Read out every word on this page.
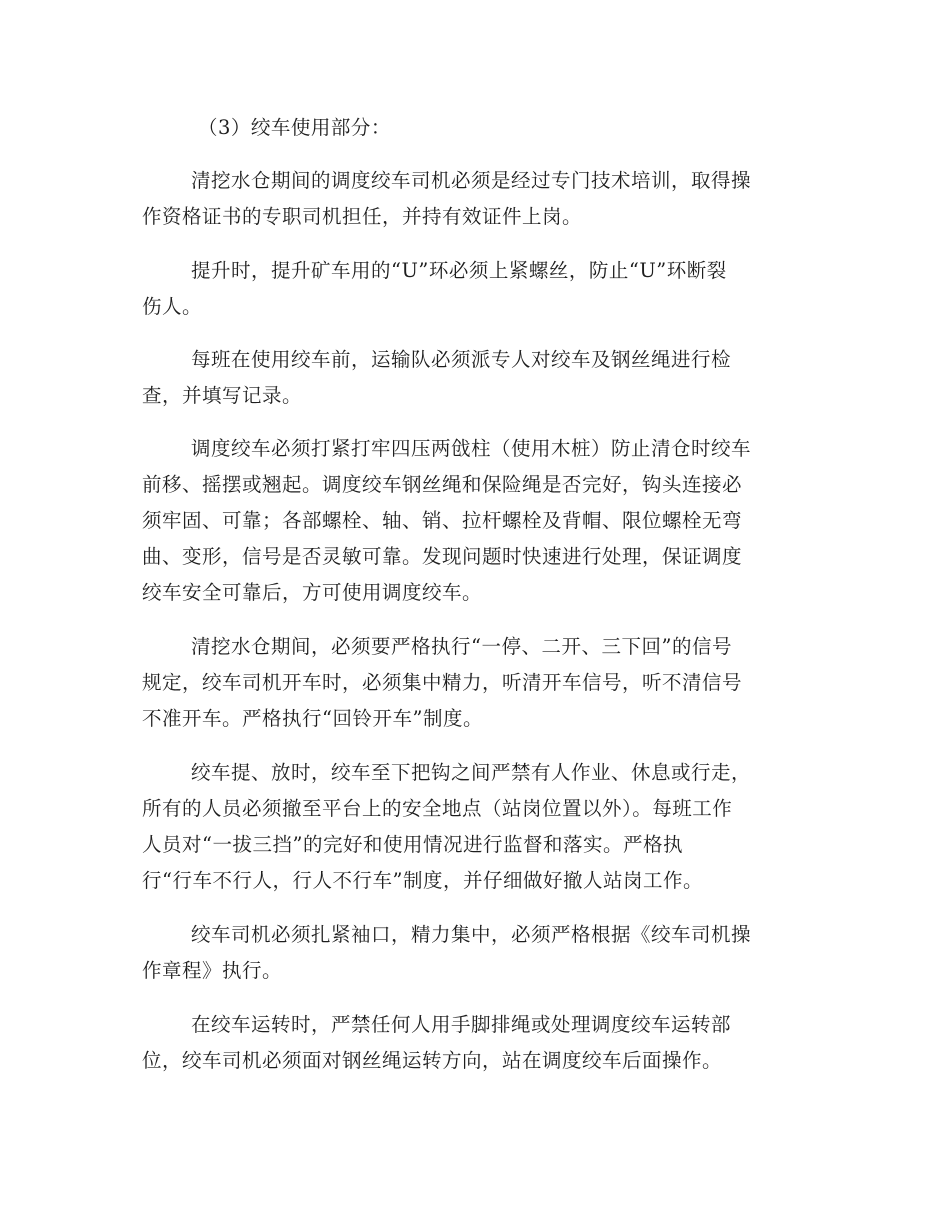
（3）绞车使用部分：

清挖水仓期间的调度绞车司机必须是经过专门技术培训，取得操

作资格证书的专职司机担任，并持有效证件上岗。

提升时，提升矿车用的“U”环必须上紧螺丝，防止“U”环断裂

伤人。

每班在使用绞车前，运输队必须派专人对绞车及钢丝绳进行检

查，并填写记录。

调度绞车必须打紧打牢四压两戗柱（使用木桩）防止清仓时绞车

前移、摇摆或翘起。调度绞车钢丝绳和保险绳是否完好，钩头连接必

须牢固、可靠；各部螺栓、轴、销、拉杆螺栓及背帽、限位螺栓无弯

曲、变形，信号是否灵敏可靠。发现问题时快速进行处理，保证调度

绞车安全可靠后，方可使用调度绞车。

清挖水仓期间，必须要严格执行“一停、二开、三下回”的信号

规定，绞车司机开车时，必须集中精力，听清开车信号，听不清信号

不准开车。严格执行“回铃开车”制度。

绞车提、放时，绞车至下把钩之间严禁有人作业、休息或行走，

所有的人员必须撤至平台上的安全地点（站岗位置以外）。每班工作

人员对“一拔三挡”的完好和使用情况进行监督和落实。严格执

行“行车不行人，行人不行车”制度，并仔细做好撤人站岗工作。

绞车司机必须扎紧袖口，精力集中，必须严格根据《绞车司机操

作章程》执行。

在绞车运转时，严禁任何人用手脚排绳或处理调度绞车运转部

位，绞车司机必须面对钢丝绳运转方向，站在调度绞车后面操作。
